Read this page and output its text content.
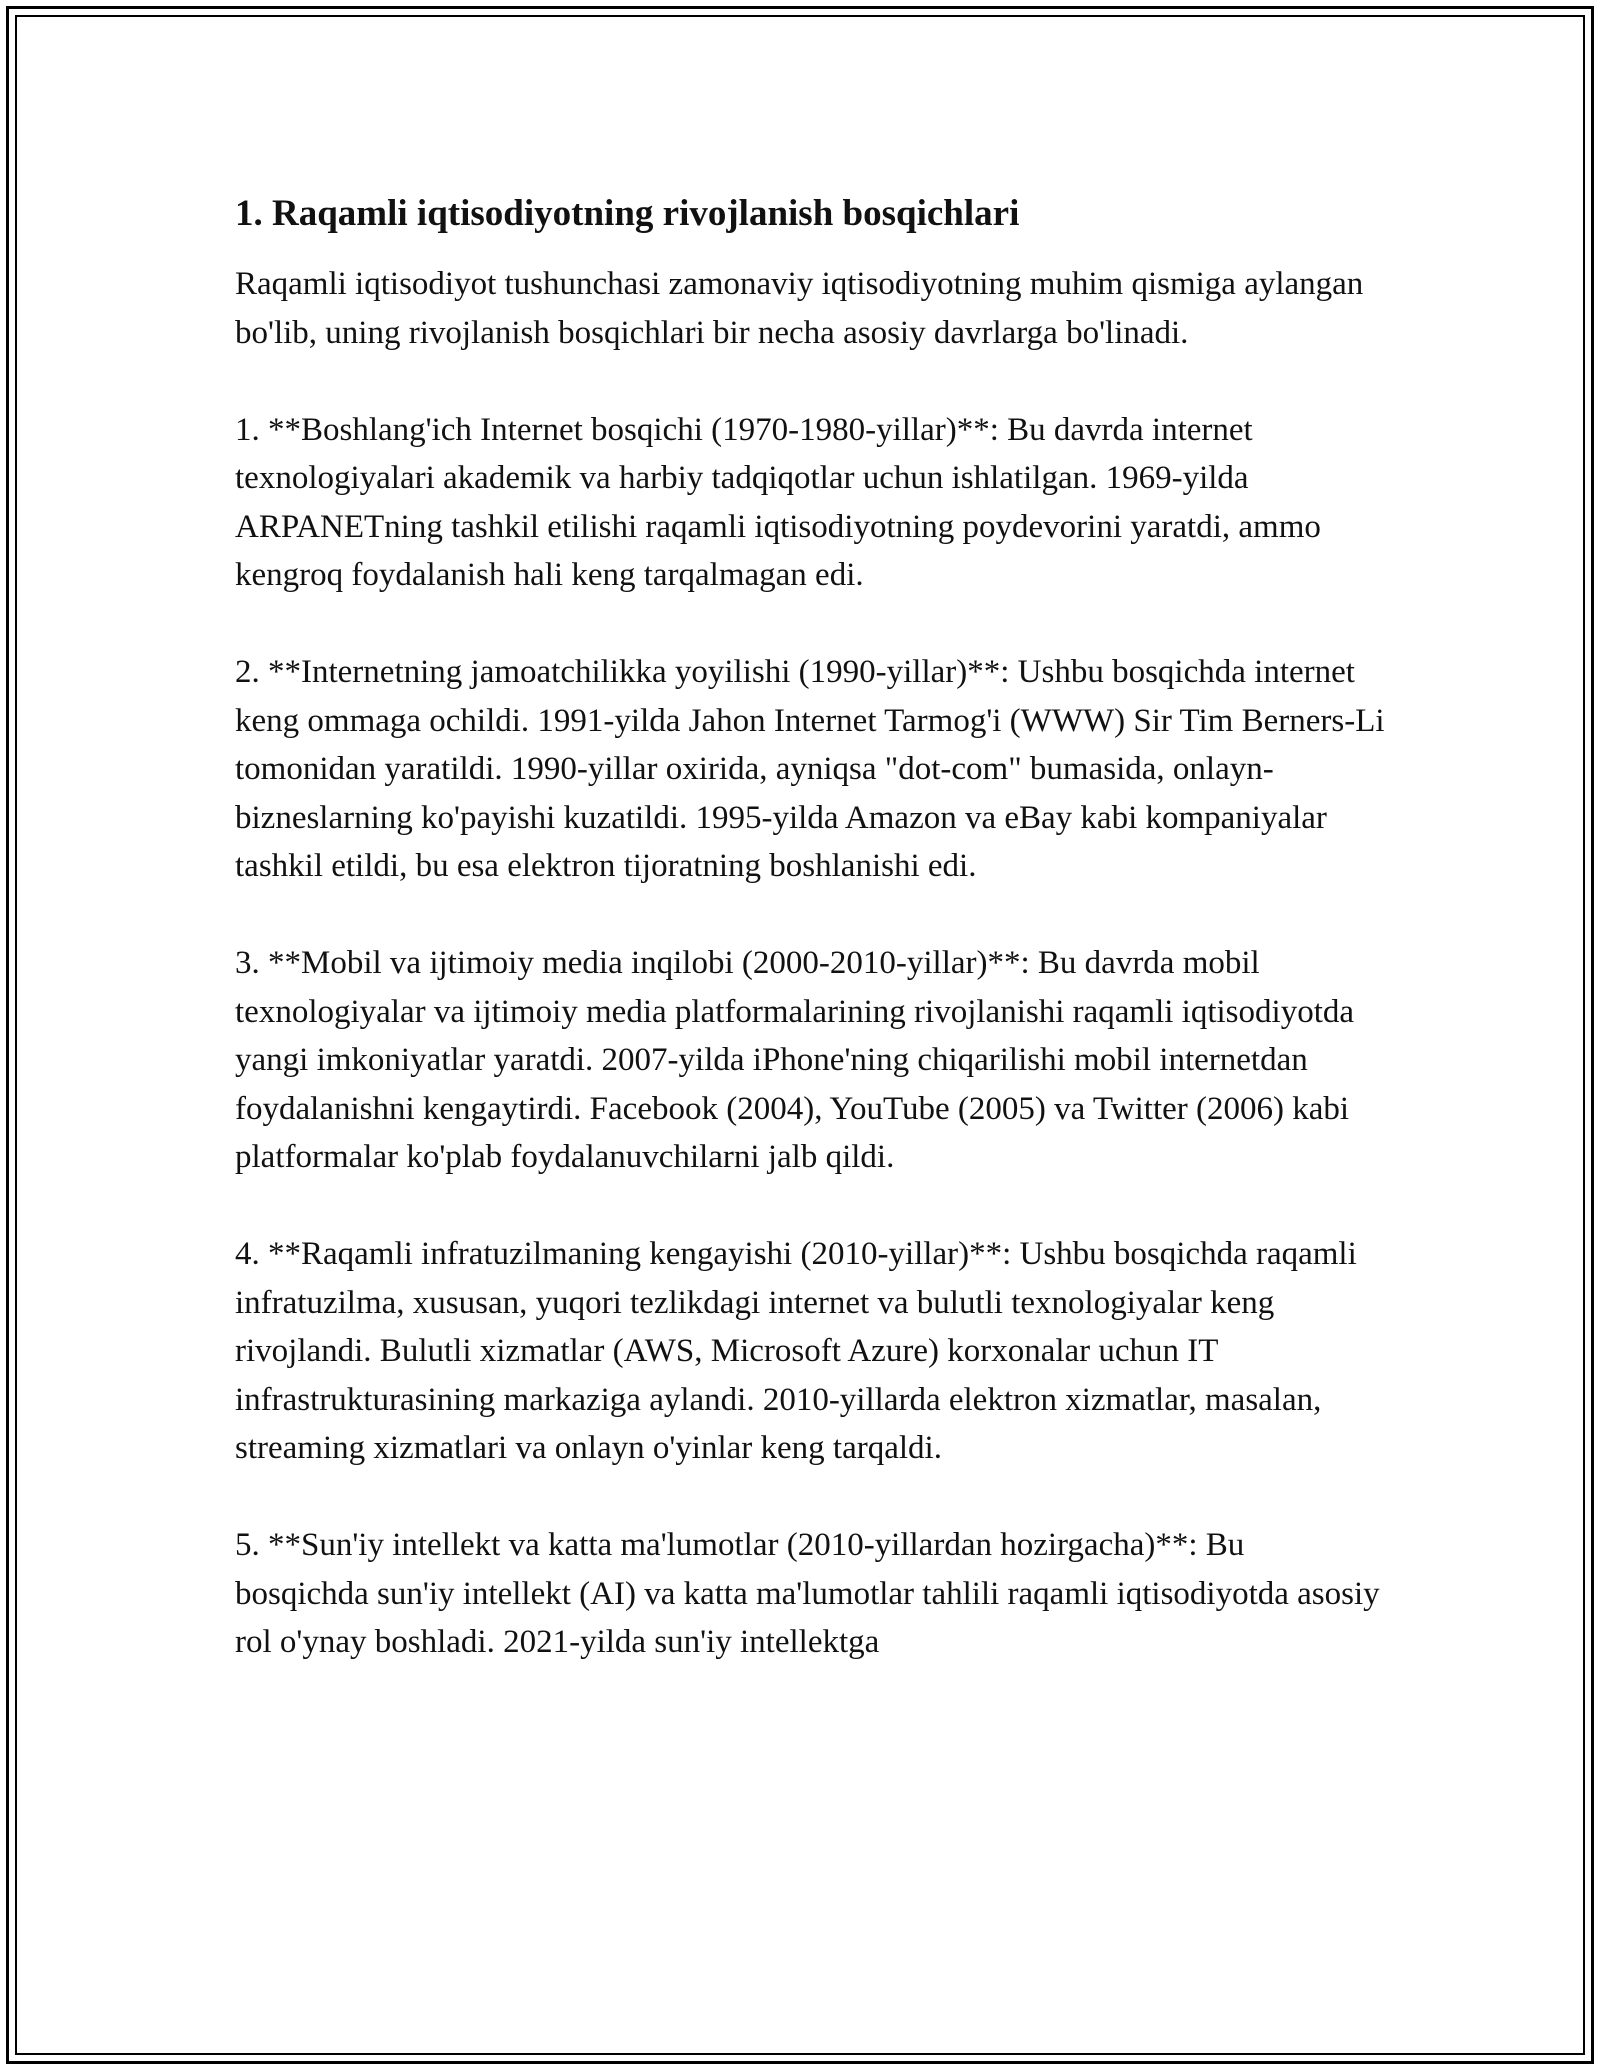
1. Raqamli iqtisodiyotning rivojlanish bosqichlari

Raqamli iqtisodiyot tushunchasi zamonaviy iqtisodiyotning muhim qismiga aylangan bo'lib, uning rivojlanish bosqichlari bir necha asosiy davrlarga bo'linadi.

1. **Boshlang'ich Internet bosqichi (1970-1980-yillar)**: Bu davrda internet texnologiyalari akademik va harbiy tadqiqotlar uchun ishlatilgan. 1969-yilda ARPANETning tashkil etilishi raqamli iqtisodiyotning poydevorini yaratdi, ammo kengroq foydalanish hali keng tarqalmagan edi.

2. **Internetning jamoatchilikka yoyilishi (1990-yillar)**: Ushbu bosqichda internet keng ommaga ochildi. 1991-yilda Jahon Internet Tarmog'i (WWW) Sir Tim Berners-Li tomonidan yaratildi. 1990-yillar oxirida, ayniqsa "dot-com" bumasida, onlayn-bizneslarning ko'payishi kuzatildi. 1995-yilda Amazon va eBay kabi kompaniyalar tashkil etildi, bu esa elektron tijoratning boshlanishi edi.

3. **Mobil va ijtimoiy media inqilobi (2000-2010-yillar)**: Bu davrda mobil texnologiyalar va ijtimoiy media platformalarining rivojlanishi raqamli iqtisodiyotda yangi imkoniyatlar yaratdi. 2007-yilda iPhone'ning chiqarilishi mobil internetdan foydalanishni kengaytirdi. Facebook (2004), YouTube (2005) va Twitter (2006) kabi platformalar ko'plab foydalanuvchilarni jalb qildi.

4. **Raqamli infratuzilmaning kengayishi (2010-yillar)**: Ushbu bosqichda raqamli infratuzilma, xususan, yuqori tezlikdagi internet va bulutli texnologiyalar keng rivojlandi. Bulutli xizmatlar (AWS, Microsoft Azure) korxonalar uchun IT infrastrukturasining markaziga aylandi. 2010-yillarda elektron xizmatlar, masalan, streaming xizmatlari va onlayn o'yinlar keng tarqaldi.

5. **Sun'iy intellekt va katta ma'lumotlar (2010-yillardan hozirgacha)**: Bu bosqichda sun'iy intellekt (AI) va katta ma'lumotlar tahlili raqamli iqtisodiyotda asosiy rol o'ynay boshladi. 2021-yilda sun'iy intellektga
